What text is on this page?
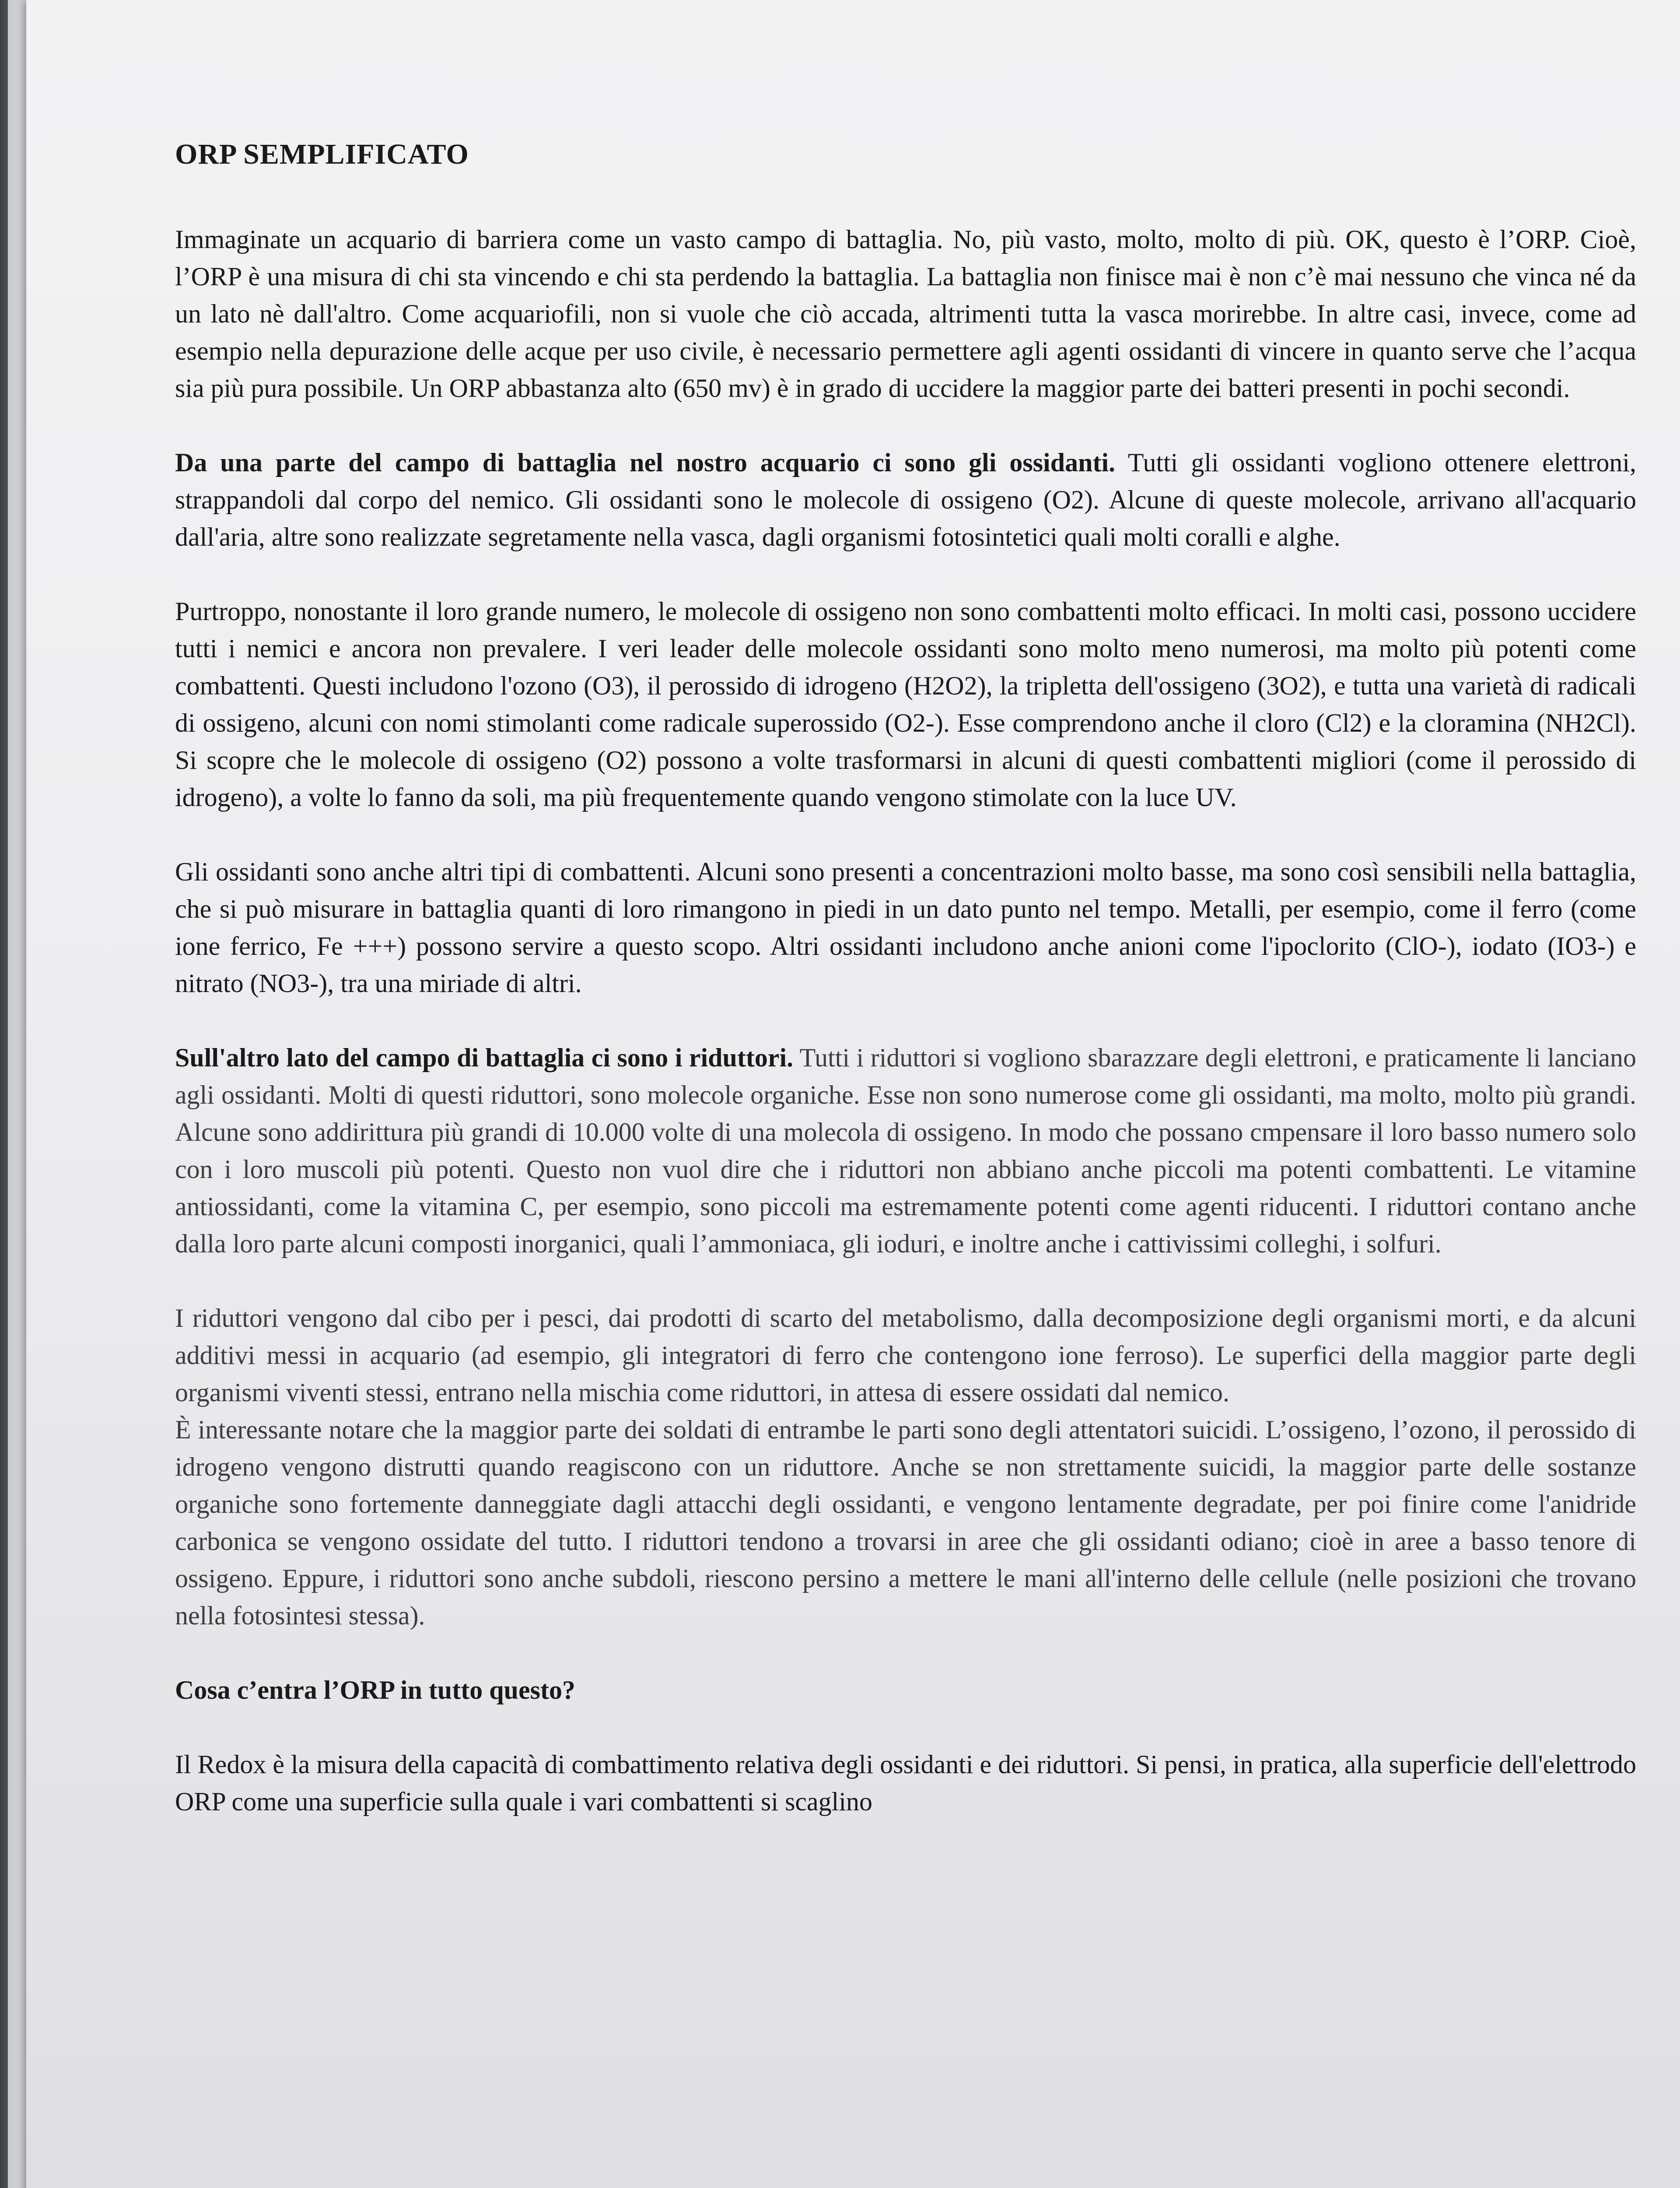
ORP SEMPLIFICATO

Immaginate un acquario di barriera come un vasto campo di battaglia. No, più vasto, molto, molto di più. OK, questo è l’ORP. Cioè, l’ORP è una misura di chi sta vincendo e chi sta perdendo la battaglia. La battaglia non finisce mai è non c’è mai nessuno che vinca né da un lato nè dall'altro. Come acquariofili, non si vuole che ciò accada, altrimenti tutta la vasca morirebbe. In altre casi, invece, come ad esempio nella depurazione delle acque per uso civile, è necessario permettere agli agenti ossidanti di vincere in quanto serve che l’acqua sia più pura possibile. Un ORP abbastanza alto (650 mv) è in grado di uccidere la maggior parte dei batteri presenti in pochi secondi.

Da una parte del campo di battaglia nel nostro acquario ci sono gli ossidanti. Tutti gli ossidanti vogliono ottenere elettroni, strappandoli dal corpo del nemico. Gli ossidanti sono le molecole di ossigeno (O2). Alcune di queste molecole, arrivano all'acquario dall'aria, altre sono realizzate segretamente nella vasca, dagli organismi fotosintetici quali molti coralli e alghe.

Purtroppo, nonostante il loro grande numero, le molecole di ossigeno non sono combattenti molto efficaci. In molti casi, possono uccidere tutti i nemici e ancora non prevalere. I veri leader delle molecole ossidanti sono molto meno numerosi, ma molto più potenti come combattenti. Questi includono l'ozono (O3), il perossido di idrogeno (H2O2), la tripletta dell'ossigeno (3O2), e tutta una varietà di radicali di ossigeno, alcuni con nomi stimolanti come radicale superossido (O2-). Esse comprendono anche il cloro (Cl2) e la cloramina (NH2Cl). Si scopre che le molecole di ossigeno (O2) possono a volte trasformarsi in alcuni di questi combattenti migliori (come il perossido di idrogeno), a volte lo fanno da soli, ma più frequentemente quando vengono stimolate con la luce UV.

Gli ossidanti sono anche altri tipi di combattenti. Alcuni sono presenti a concentrazioni molto basse, ma sono così sensibili nella battaglia, che si può misurare in battaglia quanti di loro rimangono in piedi in un dato punto nel tempo. Metalli, per esempio, come il ferro (come ione ferrico, Fe +++) possono servire a questo scopo. Altri ossidanti includono anche anioni come l'ipoclorito (ClO-), iodato (IO3-) e nitrato (NO3-), tra una miriade di altri.

Sull'altro lato del campo di battaglia ci sono i riduttori. Tutti i riduttori si vogliono sbarazzare degli elettroni, e praticamente li lanciano agli ossidanti. Molti di questi riduttori, sono molecole organiche. Esse non sono numerose come gli ossidanti, ma molto, molto più grandi. Alcune sono addirittura più grandi di 10.000 volte di una molecola di ossigeno. In modo che possano cmpensare il loro basso numero solo con i loro muscoli più potenti. Questo non vuol dire che i riduttori non abbiano anche piccoli ma potenti combattenti. Le vitamine antiossidanti, come la vitamina C, per esempio, sono piccoli ma estremamente potenti come agenti riducenti. I riduttori contano anche dalla loro parte alcuni composti inorganici, quali l’ammoniaca, gli ioduri, e inoltre anche i cattivissimi colleghi, i solfuri.

I riduttori vengono dal cibo per i pesci, dai prodotti di scarto del metabolismo, dalla decomposizione degli organismi morti, e da alcuni additivi messi in acquario (ad esempio, gli integratori di ferro che contengono ione ferroso). Le superfici della maggior parte degli organismi viventi stessi, entrano nella mischia come riduttori, in attesa di essere ossidati dal nemico.

È interessante notare che la maggior parte dei soldati di entrambe le parti sono degli attentatori suicidi. L’ossigeno, l’ozono, il perossido di idrogeno vengono distrutti quando reagiscono con un riduttore. Anche se non strettamente suicidi, la maggior parte delle sostanze organiche sono fortemente danneggiate dagli attacchi degli ossidanti, e vengono lentamente degradate, per poi finire come l'anidride carbonica se vengono ossidate del tutto. I riduttori tendono a trovarsi in aree che gli ossidanti odiano; cioè in aree a basso tenore di ossigeno. Eppure, i riduttori sono anche subdoli, riescono persino a mettere le mani all'interno delle cellule (nelle posizioni che trovano nella fotosintesi stessa).

Cosa c’entra l’ORP in tutto questo?

Il Redox è la misura della capacità di combattimento relativa degli ossidanti e dei riduttori. Si pensi, in pratica, alla superficie dell'elettrodo ORP come una superficie sulla quale i vari combattenti si scaglino
